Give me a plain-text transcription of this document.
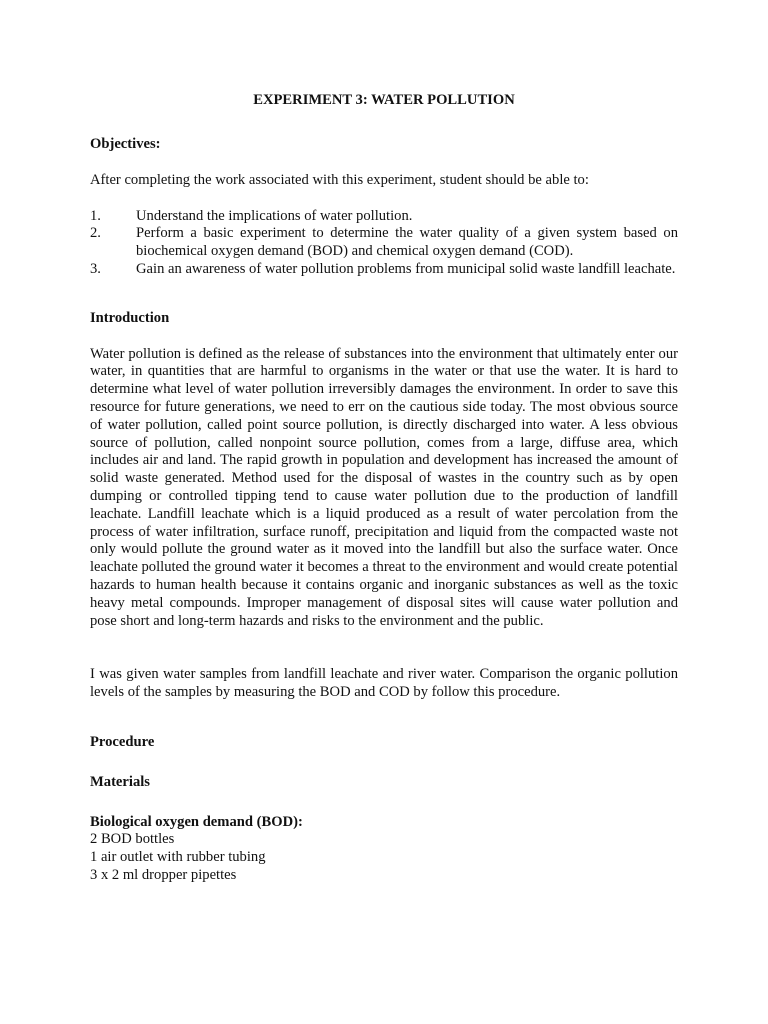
EXPERIMENT 3: WATER POLLUTION
Objectives:

After completing the work associated with this experiment, student should be able to:

1.	Understand the implications of water pollution.
2.	Perform a basic experiment to determine the water quality of a given system based on biochemical oxygen demand (BOD) and chemical oxygen demand (COD).
3.	Gain an awareness of water pollution problems from municipal solid waste landfill leachate.
Introduction

Water pollution is defined as the release of substances into the environment that ultimately enter our water, in quantities that are harmful to organisms in the water or that use the water. It is hard to determine what level of water pollution irreversibly damages the environment. In order to save this resource for future generations, we need to err on the cautious side today. The most obvious source of water pollution, called point source pollution, is directly discharged into water. A less obvious source of pollution, called nonpoint source pollution, comes from a large, diffuse area, which includes air and land. The rapid growth in population and development has increased the amount of solid waste generated. Method used for the disposal of wastes in the country such as by open dumping or controlled tipping tend to cause water pollution due to the production of landfill leachate. Landfill leachate which is a liquid produced as a result of water percolation from the process of water infiltration, surface runoff, precipitation and liquid from the compacted waste not only would pollute the ground water as it moved into the landfill but also the surface water. Once leachate polluted the ground water it becomes a threat to the environment and would create potential hazards to human health because it contains organic and inorganic substances as well as the toxic heavy metal compounds. Improper management of disposal sites will cause water pollution and pose short and long-term hazards and risks to the environment and the public.

I was given water samples from landfill leachate and river water. Comparison the organic pollution levels of the samples by measuring the BOD and COD by follow this procedure.

Procedure
Materials
Biological oxygen demand (BOD):
2 BOD bottles
1 air outlet with rubber tubing
3 x 2 ml dropper pipettes
